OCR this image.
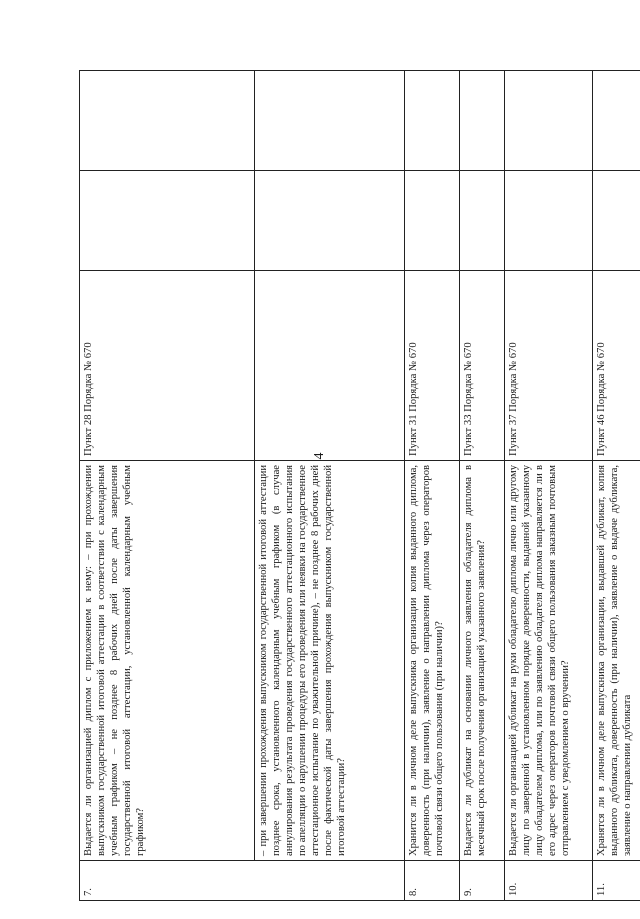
4
7.	Выдается ли организацией диплом с приложением к нему: – при прохождении выпускником государственной итоговой аттестации в соответствии с календарным учебным графиком – не позднее 8 рабочих дней после даты завершения государственной итоговой аттестации, установленной календарным учебным графиком?	Пункт 28 Порядка № 670		
	– при завершении прохождения выпускником государственной итоговой аттестации позднее срока, установленного календарным учебным графиком (в случае аннулирования результата проведения государственного аттестационного испытания по апелляции о нарушении процедуры его проведения или неявки на государственное аттестационное испытание по уважительной причине), – не позднее 8 рабочих дней после фактической даты завершения прохождения выпускником государственной итоговой аттестации?			
8.	Хранится ли в личном деле выпускника организации копия выданного диплома, доверенность (при наличии), заявление о направлении диплома через операторов почтовой связи общего пользования (при наличии)?	Пункт 31 Порядка № 670		
9.	Выдается ли дубликат на основании личного заявления обладателя диплома в месячный срок после получения организацией указанного заявления?	Пункт 33 Порядка № 670		
10.	Выдается ли организацией дубликат на руки обладателю диплома лично или другому лицу по заверенной в установленном порядке доверенности, выданной указанному лицу обладателем диплома, или по заявлению обладателя диплома направляется ли в его адрес через операторов почтовой связи общего пользования заказным почтовым отправлением с уведомлением о вручении?	Пункт 37 Порядка № 670		
11.	Хранятся ли в личном деле выпускника организации, выдавшей дубликат, копия выданного дубликата, доверенность (при наличии), заявление о выдаче дубликата, заявление о направлении дубликата	Пункт 46 Порядка № 670		
